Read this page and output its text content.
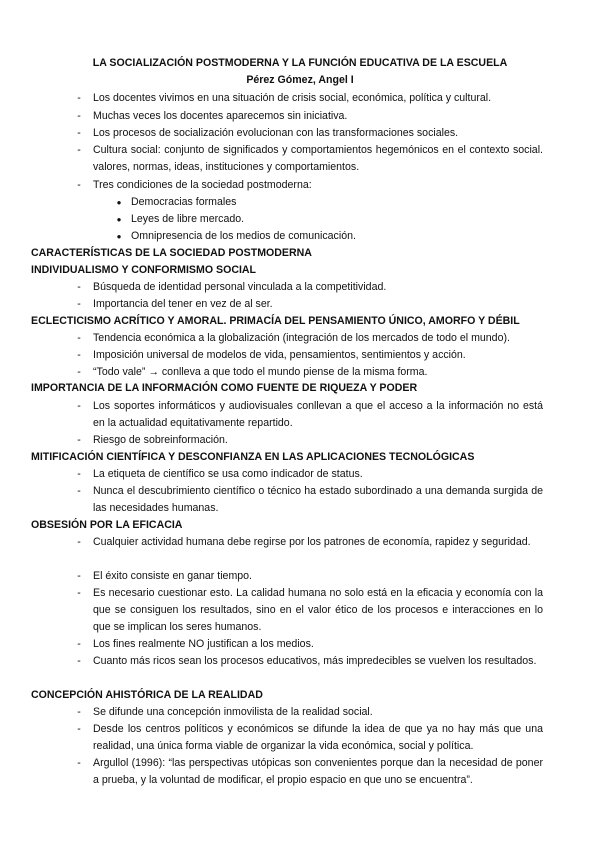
LA SOCIALIZACIÓN POSTMODERNA Y LA FUNCIÓN EDUCATIVA DE LA ESCUELA
Pérez Gómez, Angel I
-	Los docentes vivimos en una situación de crisis social, económica, política y cultural.
-	Muchas veces los docentes aparecemos sin iniciativa.
-	Los procesos de socialización evolucionan con las transformaciones sociales.
-	Cultura social: conjunto de significados y comportamientos hegemónicos en el contexto social. valores, normas, ideas, instituciones y comportamientos.
-	Tres condiciones de la sociedad postmoderna:
● Democracias formales
● Leyes de libre mercado.
● Omnipresencia de los medios de comunicación.
CARACTERÍSTICAS DE LA SOCIEDAD POSTMODERNA
INDIVIDUALISMO Y CONFORMISMO SOCIAL
-	Búsqueda de identidad personal vinculada a la competitividad.
-	Importancia del tener en vez de al ser.
ECLECTICISMO ACRÍTICO Y AMORAL. PRIMACÍA DEL PENSAMIENTO ÚNICO, AMORFO Y DÉBIL
-	Tendencia económica a la globalización (integración de los mercados de todo el mundo).
-	Imposición universal de modelos de vida, pensamientos, sentimientos y acción.
-	“Todo vale” → conlleva a que todo el mundo piense de la misma forma.
IMPORTANCIA DE LA INFORMACIÓN COMO FUENTE DE RIQUEZA Y PODER
-	Los soportes informáticos y audiovisuales conllevan a que el acceso a la información no está en la actualidad equitativamente repartido.
-	Riesgo de sobreinformación.
MITIFICACIÓN CIENTÍFICA Y DESCONFIANZA EN LAS APLICACIONES TECNOLÓGICAS
-	La etiqueta de científico se usa como indicador de status.
-	Nunca el descubrimiento científico o técnico ha estado subordinado a una demanda surgida de las necesidades humanas.
OBSESIÓN POR LA EFICACIA
-	Cualquier actividad humana debe regirse por los patrones de economía, rapidez y seguridad.
-	El éxito consiste en ganar tiempo.
-	Es necesario cuestionar esto. La calidad humana no solo está en la eficacia y economía con la que se consiguen los resultados, sino en el valor ético de los procesos e interacciones en lo que se implican los seres humanos.
-	Los fines realmente NO justifican a los medios.
-	Cuanto más ricos sean los procesos educativos, más impredecibles se vuelven los resultados.
CONCEPCIÓN AHISTÓRICA DE LA REALIDAD
-	Se difunde una concepción inmovilista de la realidad social.
-	Desde los centros políticos y económicos se difunde la idea de que ya no hay más que una realidad, una única forma viable de organizar la vida económica, social y política.
-	Argullol (1996): “las perspectivas utópicas son convenientes porque dan la necesidad de poner a prueba, y la voluntad de modificar, el propio espacio en que uno se encuentra”.
